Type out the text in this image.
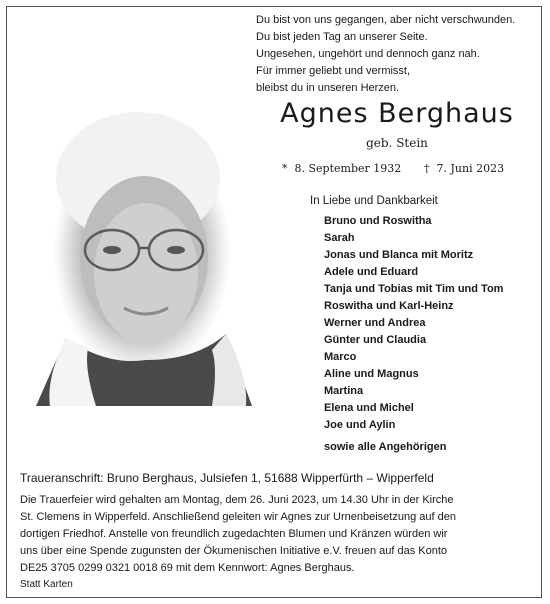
Du bist von uns gegangen, aber nicht verschwunden.
Du bist jeden Tag an unserer Seite.
Ungesehen, ungehört und dennoch ganz nah.
Für immer geliebt und vermisst,
bleibst du in unseren Herzen.
Agnes Berghaus
geb. Stein
* 8. September 1932 † 7. Juni 2023
In Liebe und Dankbarkeit
Bruno und Roswitha
Sarah
Jonas und Blanca mit Moritz
Adele und Eduard
Tanja und Tobias mit Tim und Tom
Roswitha und Karl-Heinz
Werner und Andrea
Günter und Claudia
Marco
Aline und Magnus
Martina
Elena und Michel
Joe und Aylin
sowie alle Angehörigen
Traueranschrift: Bruno Berghaus, Julsiefen 1, 51688 Wipperfürth – Wipperfeld
Die Trauerfeier wird gehalten am Montag, dem 26. Juni 2023, um 14.30 Uhr in der Kirche
St. Clemens in Wipperfeld. Anschließend geleiten wir Agnes zur Urnenbeisetzung auf den
dortigen Friedhof. Anstelle von freundlich zugedachten Blumen und Kränzen würden wir
uns über eine Spende zugunsten der Ökumenischen Initiative e.V. freuen auf das Konto
DE25 3705 0299 0321 0018 69 mit dem Kennwort: Agnes Berghaus.
Statt Karten
